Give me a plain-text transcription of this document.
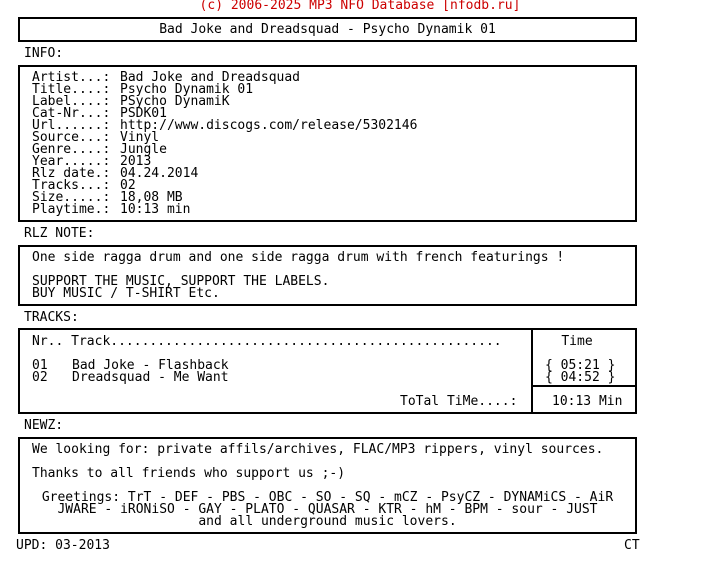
(c) 2006-2025 MP3 NFO Database [nfodb.ru]
Bad Joke and Dreadsquad - Psycho Dynamik 01
INFO:
Artist...: Bad Joke and Dreadsquad
Title....: Psycho Dynamik 01
Label....: PSycho DynamiK
Cat-Nr...: PSDK01
Url......: http://www.discogs.com/release/5302146
Source...: Vinyl
Genre....: Jungle
Year.....: 2013
Rlz date.: 04.24.2014
Tracks...: 02
Size.....: 18,08 MB
Playtime.: 10:13 min
RLZ NOTE:
One side ragga drum and one side ragga drum with french featurings !
SUPPORT THE MUSIC, SUPPORT THE LABELS.
BUY MUSIC / T-SHIRT Etc.
TRACKS:
Nr.. Track..................................................	Time
01 Bad Joke - Flashback	{ 05:21 }
02 Dreadsquad - Me Want	{ 04:52 }
ToTal TiMe....:	10:13 Min
NEWZ:
We looking for: private affils/archives, FLAC/MP3 rippers, vinyl sources.
Thanks to all friends who support us ;-)
Greetings: TrT - DEF - PBS - OBC - SO - SQ - mCZ - PsyCZ - DYNAMiCS - AiR
JWARE - iRONiSO - GAY - PLATO - QUASAR - KTR - hM - BPM - sour - JUST
and all underground music lovers.
UPD: 03-2013	CT
